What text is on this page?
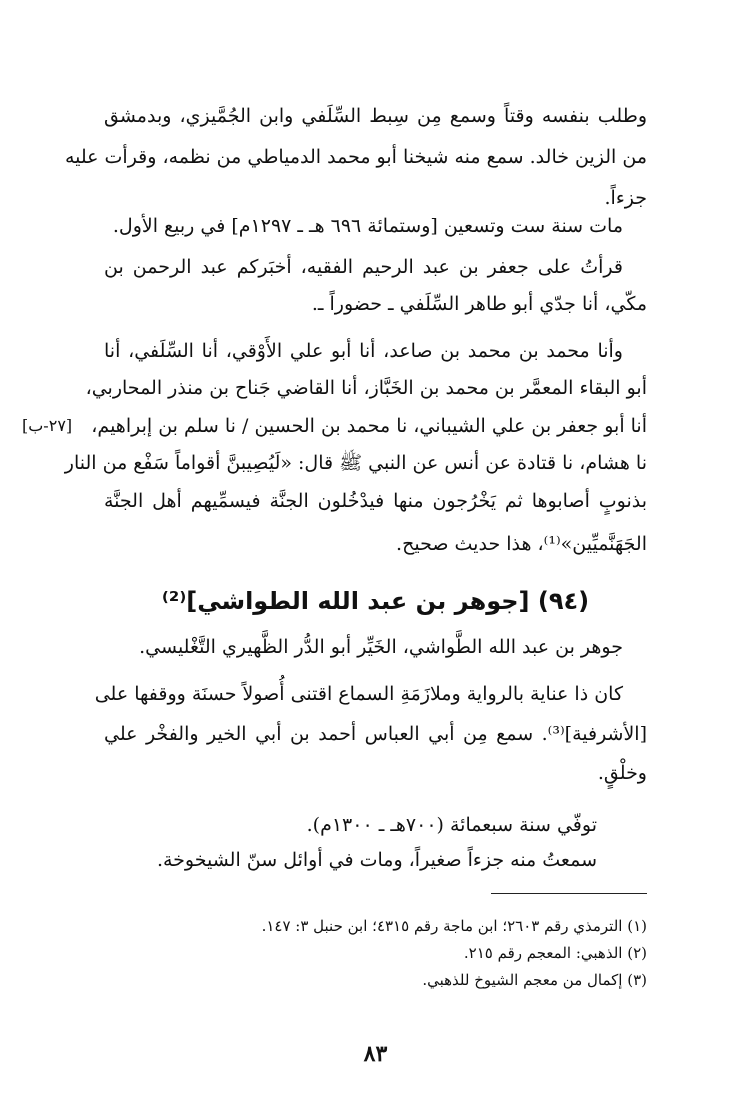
وطلب بنفسه وقتاً وسمع مِن سِبط السِّلَفي وابن الجُمَّيزي، وبدمشق
من الزين خالد. سمع منه شيخنا أبو محمد الدمياطي من نظمه، وقرأت عليه
جزءاً.
مات سنة ست وتسعين [وستمائة ٦٩٦ هـ ـ ١٢٩٧م] في ربيع الأول.
قرأتُ على جعفر بن عبد الرحيم الفقيه، أخبَركم عبد الرحمن بن
مكّي، أنا جدّي أبو طاهر السِّلَفي ـ حضوراً ـ.
وأنا محمد بن محمد بن صاعد، أنا أبو علي الأَوْقي، أنا السِّلَفي، أنا
أبو البقاء المعمَّر بن محمد بن الخَبَّاز، أنا القاضي جَناح بن منذر المحاربي،
أنا أبو جعفر بن علي الشيباني، نا محمد بن الحسين / نا سلم بن إبراهيم،
[٢٧-ب]
نا هشام، نا قتادة عن أنس عن النبي ﷺ قال: «لَيُصِيبنَّ أقواماً سَفْع من النار
بذنوبٍ أصابوها ثم يَخْرُجون منها فيدْخُلون الجنَّة فيسمِّيهم أهل الجنَّة
الجَهَنَّميِّين»⁽¹⁾، هذا حديث صحيح.
(٩٤) [جوهر بن عبد الله الطواشي]⁽²⁾
جوهر بن عبد الله الطَّواشي، الخَيِّر أبو الدُّر الظَّهيري التَّغْليسي.
كان ذا عناية بالرواية وملازَمَةِ السماع اقتنى أُصولاً حسنَة ووقفها على
[الأشرفية]⁽³⁾. سمع مِن أبي العباس أحمد بن أبي الخير والفخْر علي
وخلْقٍ.
توفّي سنة سبعمائة (٧٠٠هـ ـ ١٣٠٠م).
سمعتُ منه جزءاً صغيراً، ومات في أوائل سنّ الشيخوخة.
(١) الترمذي رقم ٢٦٠٣؛ ابن ماجة رقم ٤٣١٥؛ ابن حنبل ٣: ١٤٧.
(٢) الذهبي: المعجم رقم ٢١٥.
(٣) إكمال من معجم الشيوخ للذهبي.
٨٣
